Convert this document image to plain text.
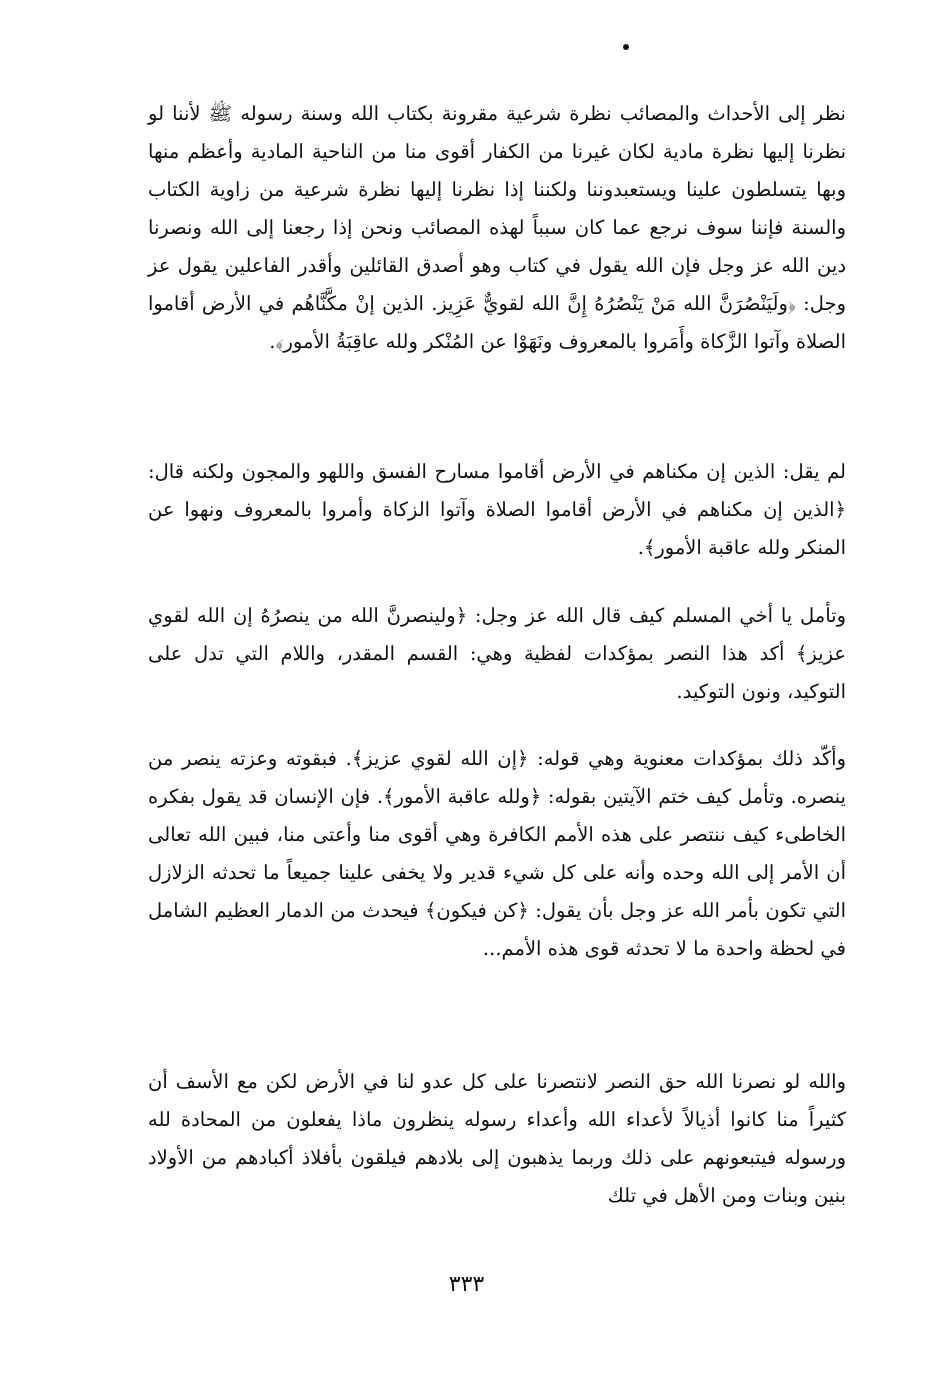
نظر إلى الأحداث والمصائب نظرة شرعية مقرونة بكتاب الله وسنة رسوله ﷺ لأننا لو نظرنا إليها نظرة مادية لكان غيرنا من الكفار أقوى منا من الناحية المادية وأعظم منها وبها يتسلطون علينا ويستعبدوننا ولكننا إذا نظرنا إليها نظرة شرعية من زاوية الكتاب والسنة فإننا سوف نرجع عما كان سبباً لهذه المصائب ونحن إذا رجعنا إلى الله ونصرنا دين الله عز وجل فإن الله يقول في كتاب وهو أصدق القائلين وأقدر الفاعلين يقول عز وجل: ﴿ولَيَنْصُرَنَّ الله مَنْ يَنْصُرُهُ إِنَّ الله لقويٌّ عَزِيز. الذين إنْ مكَّنَّاهُم في الأرض أقاموا الصلاة وآتوا الزَّكاة وأَمَروا بالمعروف ونَهَوْا عن المُنْكر ولله عاقِبَةُ الأمور﴾.

لم يقل: الذين إن مكناهم في الأرض أقاموا مسارح الفسق واللهو والمجون ولكنه قال: ﴿الذين إن مكناهم في الأرض أقاموا الصلاة وآتوا الزكاة وأمروا بالمعروف ونهوا عن المنكر ولله عاقبة الأمور﴾.

وتأمل يا أخي المسلم كيف قال الله عز وجل: ﴿ولينصرنَّ الله من ينصرُهُ إن الله لقوي عزيز﴾ أكد هذا النصر بمؤكدات لفظية وهي: القسم المقدر، واللام التي تدل على التوكيد، ونون التوكيد.

وأكّد ذلك بمؤكدات معنوية وهي قوله: ﴿إن الله لقوي عزيز﴾. فبقوته وعزته ينصر من ينصره. وتأمل كيف ختم الآيتين بقوله: ﴿ولله عاقبة الأمور﴾. فإن الإنسان قد يقول بفكره الخاطىء كيف ننتصر على هذه الأمم الكافرة وهي أقوى منا وأعتى منا، فبين الله تعالى أن الأمر إلى الله وحده وأنه على كل شيء قدير ولا يخفى علينا جميعاً ما تحدثه الزلازل التي تكون بأمر الله عز وجل بأن يقول: ﴿كن فيكون﴾ فيحدث من الدمار العظيم الشامل في لحظة واحدة ما لا تحدثه قوى هذه الأمم...

والله لو نصرنا الله حق النصر لانتصرنا على كل عدو لنا في الأرض لكن مع الأسف أن كثيراً منا كانوا أذيالاً لأعداء الله وأعداء رسوله ينظرون ماذا يفعلون من المحادة لله ورسوله فيتبعونهم على ذلك وربما يذهبون إلى بلادهم فيلقون بأفلاذ أكبادهم من الأولاد بنين وبنات ومن الأهل في تلك

٣٣٣
